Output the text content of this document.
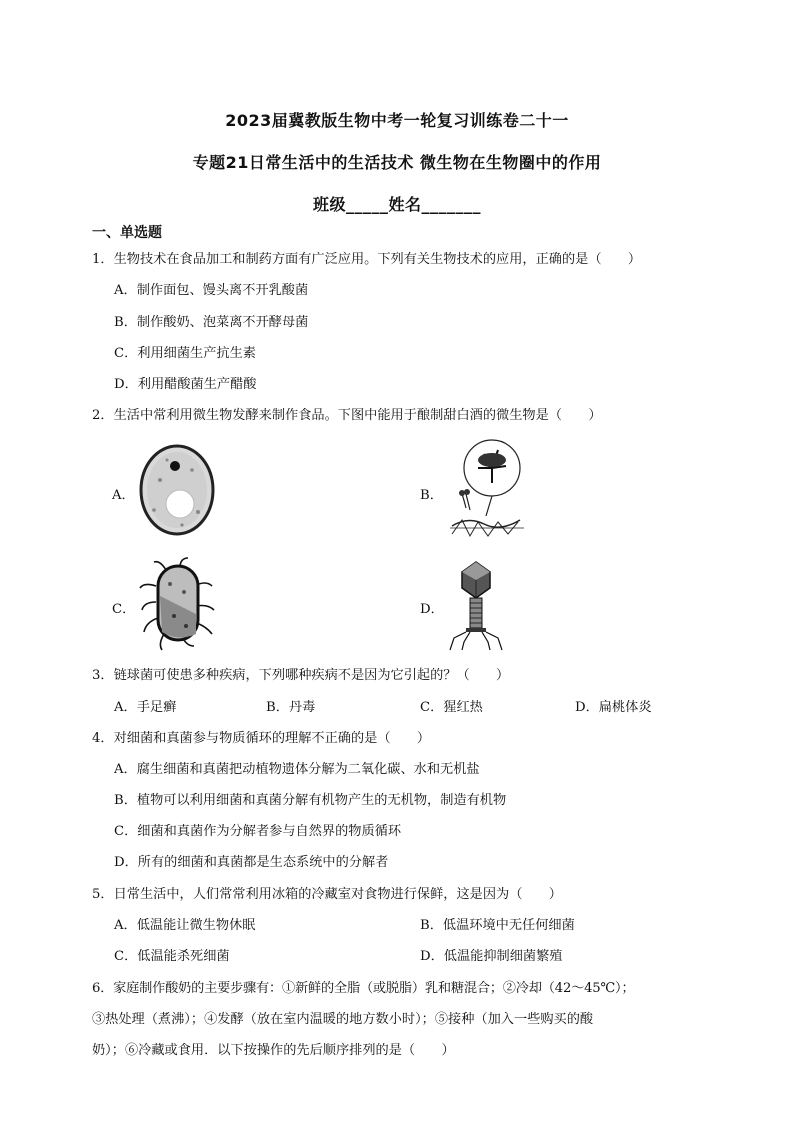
2023届冀教版生物中考一轮复习训练卷二十一
专题21日常生活中的生活技术 微生物在生物圈中的作用
班级_____姓名_______
一、单选题
1．生物技术在食品加工和制药方面有广泛应用。下列有关生物技术的应用，正确的是（　　）
A．制作面包、馒头离不开乳酸菌
B．制作酸奶、泡菜离不开酵母菌
C．利用细菌生产抗生素
D．利用醋酸菌生产醋酸
2．生活中常利用微生物发酵来制作食品。下图中能用于酿制甜白酒的微生物是（　　）
A．	B．
C．	D．
3．链球菌可使患多种疾病，下列哪种疾病不是因为它引起的？（　　）
A．手足癣	B．丹毒	C．猩红热	D．扁桃体炎
4．对细菌和真菌参与物质循环的理解不正确的是（　　）
A．腐生细菌和真菌把动植物遗体分解为二氧化碳、水和无机盐
B．植物可以利用细菌和真菌分解有机物产生的无机物，制造有机物
C．细菌和真菌作为分解者参与自然界的物质循环
D．所有的细菌和真菌都是生态系统中的分解者
5．日常生活中，人们常常利用冰箱的冷藏室对食物进行保鲜，这是因为（　　）
A．低温能让微生物休眠	B．低温环境中无任何细菌
C．低温能杀死细菌	D．低温能抑制细菌繁殖
6．家庭制作酸奶的主要步骤有：①新鲜的全脂（或脱脂）乳和糖混合；②冷却（42～45℃）；
③热处理（煮沸）；④发酵（放在室内温暖的地方数小时）；⑤接种（加入一些购买的酸
奶）；⑥冷藏或食用．以下按操作的先后顺序排列的是（　　）
